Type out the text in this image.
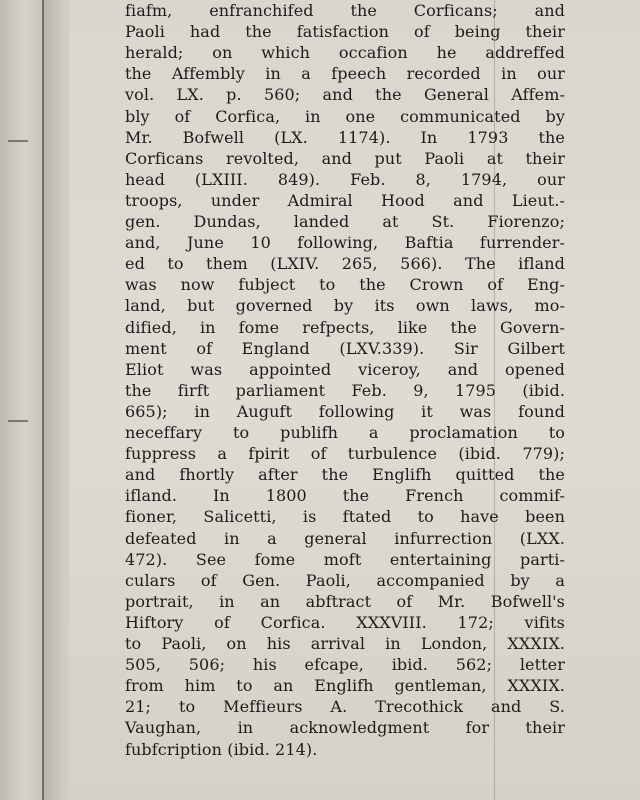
fiafm, enfranchifed the Corficans; and
Paoli had the fatisfaction of being their
herald; on which occafion he addreffed
the Affembly in a fpeech recorded in our
vol. LX. p. 560; and the General Affem-
bly of Corfica, in one communicated by
Mr. Bofwell (LX. 1174). In 1793 the
Corficans revolted, and put Paoli at their
head (LXIII. 849). Feb. 8, 1794, our
troops, under Admiral Hood and Lieut.-
gen. Dundas, landed at St. Fiorenzo;
and, June 10 following, Baftia furrender-
ed to them (LXIV. 265, 566). The ifland
was now fubject to the Crown of Eng-
land, but governed by its own laws, mo-
dified, in fome refpects, like the Govern-
ment of England (LXV.339). Sir Gilbert
Eliot was appointed viceroy, and opened
the firft parliament Feb. 9, 1795 (ibid.
665); in Auguft following it was found
neceffary to publifh a proclamation to
fuppress a fpirit of turbulence (ibid. 779);
and fhortly after the Englifh quitted the
ifland. In 1800 the French commif-
fioner, Salicetti, is ftated to have been
defeated in a general infurrection (LXX.
472). See fome moft entertaining parti-
culars of Gen. Paoli, accompanied by a
portrait, in an abftract of Mr. Bofwell's
Hiftory of Corfica. XXXVIII. 172; vifits
to Paoli, on his arrival in London, XXXIX.
505, 506; his efcape, ibid. 562; letter
from him to an Englifh gentleman, XXXIX.
21; to Meffieurs A. Trecothick and S.
Vaughan, in acknowledgment for their
fubfcription (ibid. 214).
